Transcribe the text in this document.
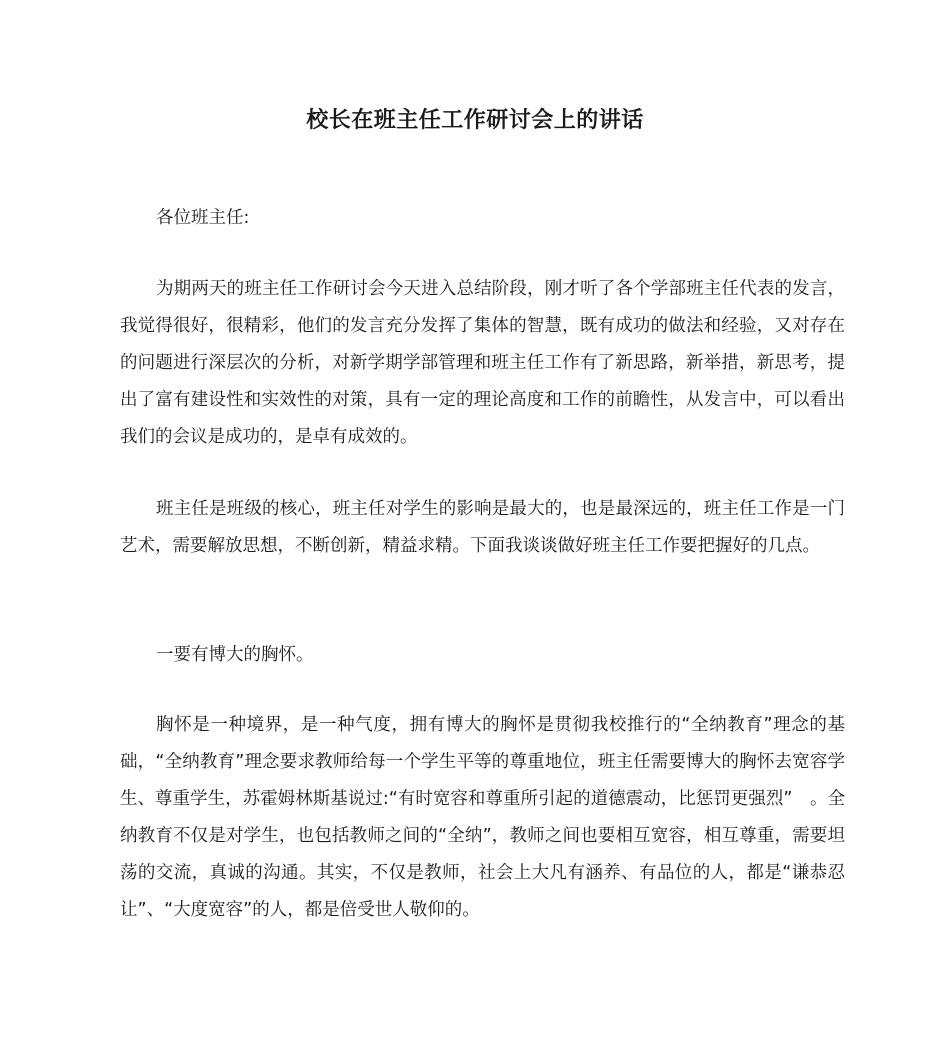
校长在班主任工作研讨会上的讲话

各位班主任:

为期两天的班主任工作研讨会今天进入总结阶段，刚才听了各个学部班主任代表的发言，我觉得很好，很精彩，他们的发言充分发挥了集体的智慧，既有成功的做法和经验，又对存在的问题进行深层次的分析，对新学期学部管理和班主任工作有了新思路，新举措，新思考，提出了富有建设性和实效性的对策，具有一定的理论高度和工作的前瞻性，从发言中，可以看出我们的会议是成功的，是卓有成效的。

班主任是班级的核心，班主任对学生的影响是最大的，也是最深远的，班主任工作是一门艺术，需要解放思想，不断创新，精益求精。下面我谈谈做好班主任工作要把握好的几点。

一要有博大的胸怀。

胸怀是一种境界，是一种气度，拥有博大的胸怀是贯彻我校推行的“全纳教育”理念的基础，“全纳教育”理念要求教师给每一个学生平等的尊重地位，班主任需要博大的胸怀去宽容学生、尊重学生，苏霍姆林斯基说过:“有时宽容和尊重所引起的道德震动，比惩罚更强烈”　。全纳教育不仅是对学生，也包括教师之间的“全纳”，教师之间也要相互宽容，相互尊重，需要坦荡的交流，真诚的沟通。其实，不仅是教师，社会上大凡有涵养、有品位的人，都是“谦恭忍让”、“大度宽容”的人，都是倍受世人敬仰的。
